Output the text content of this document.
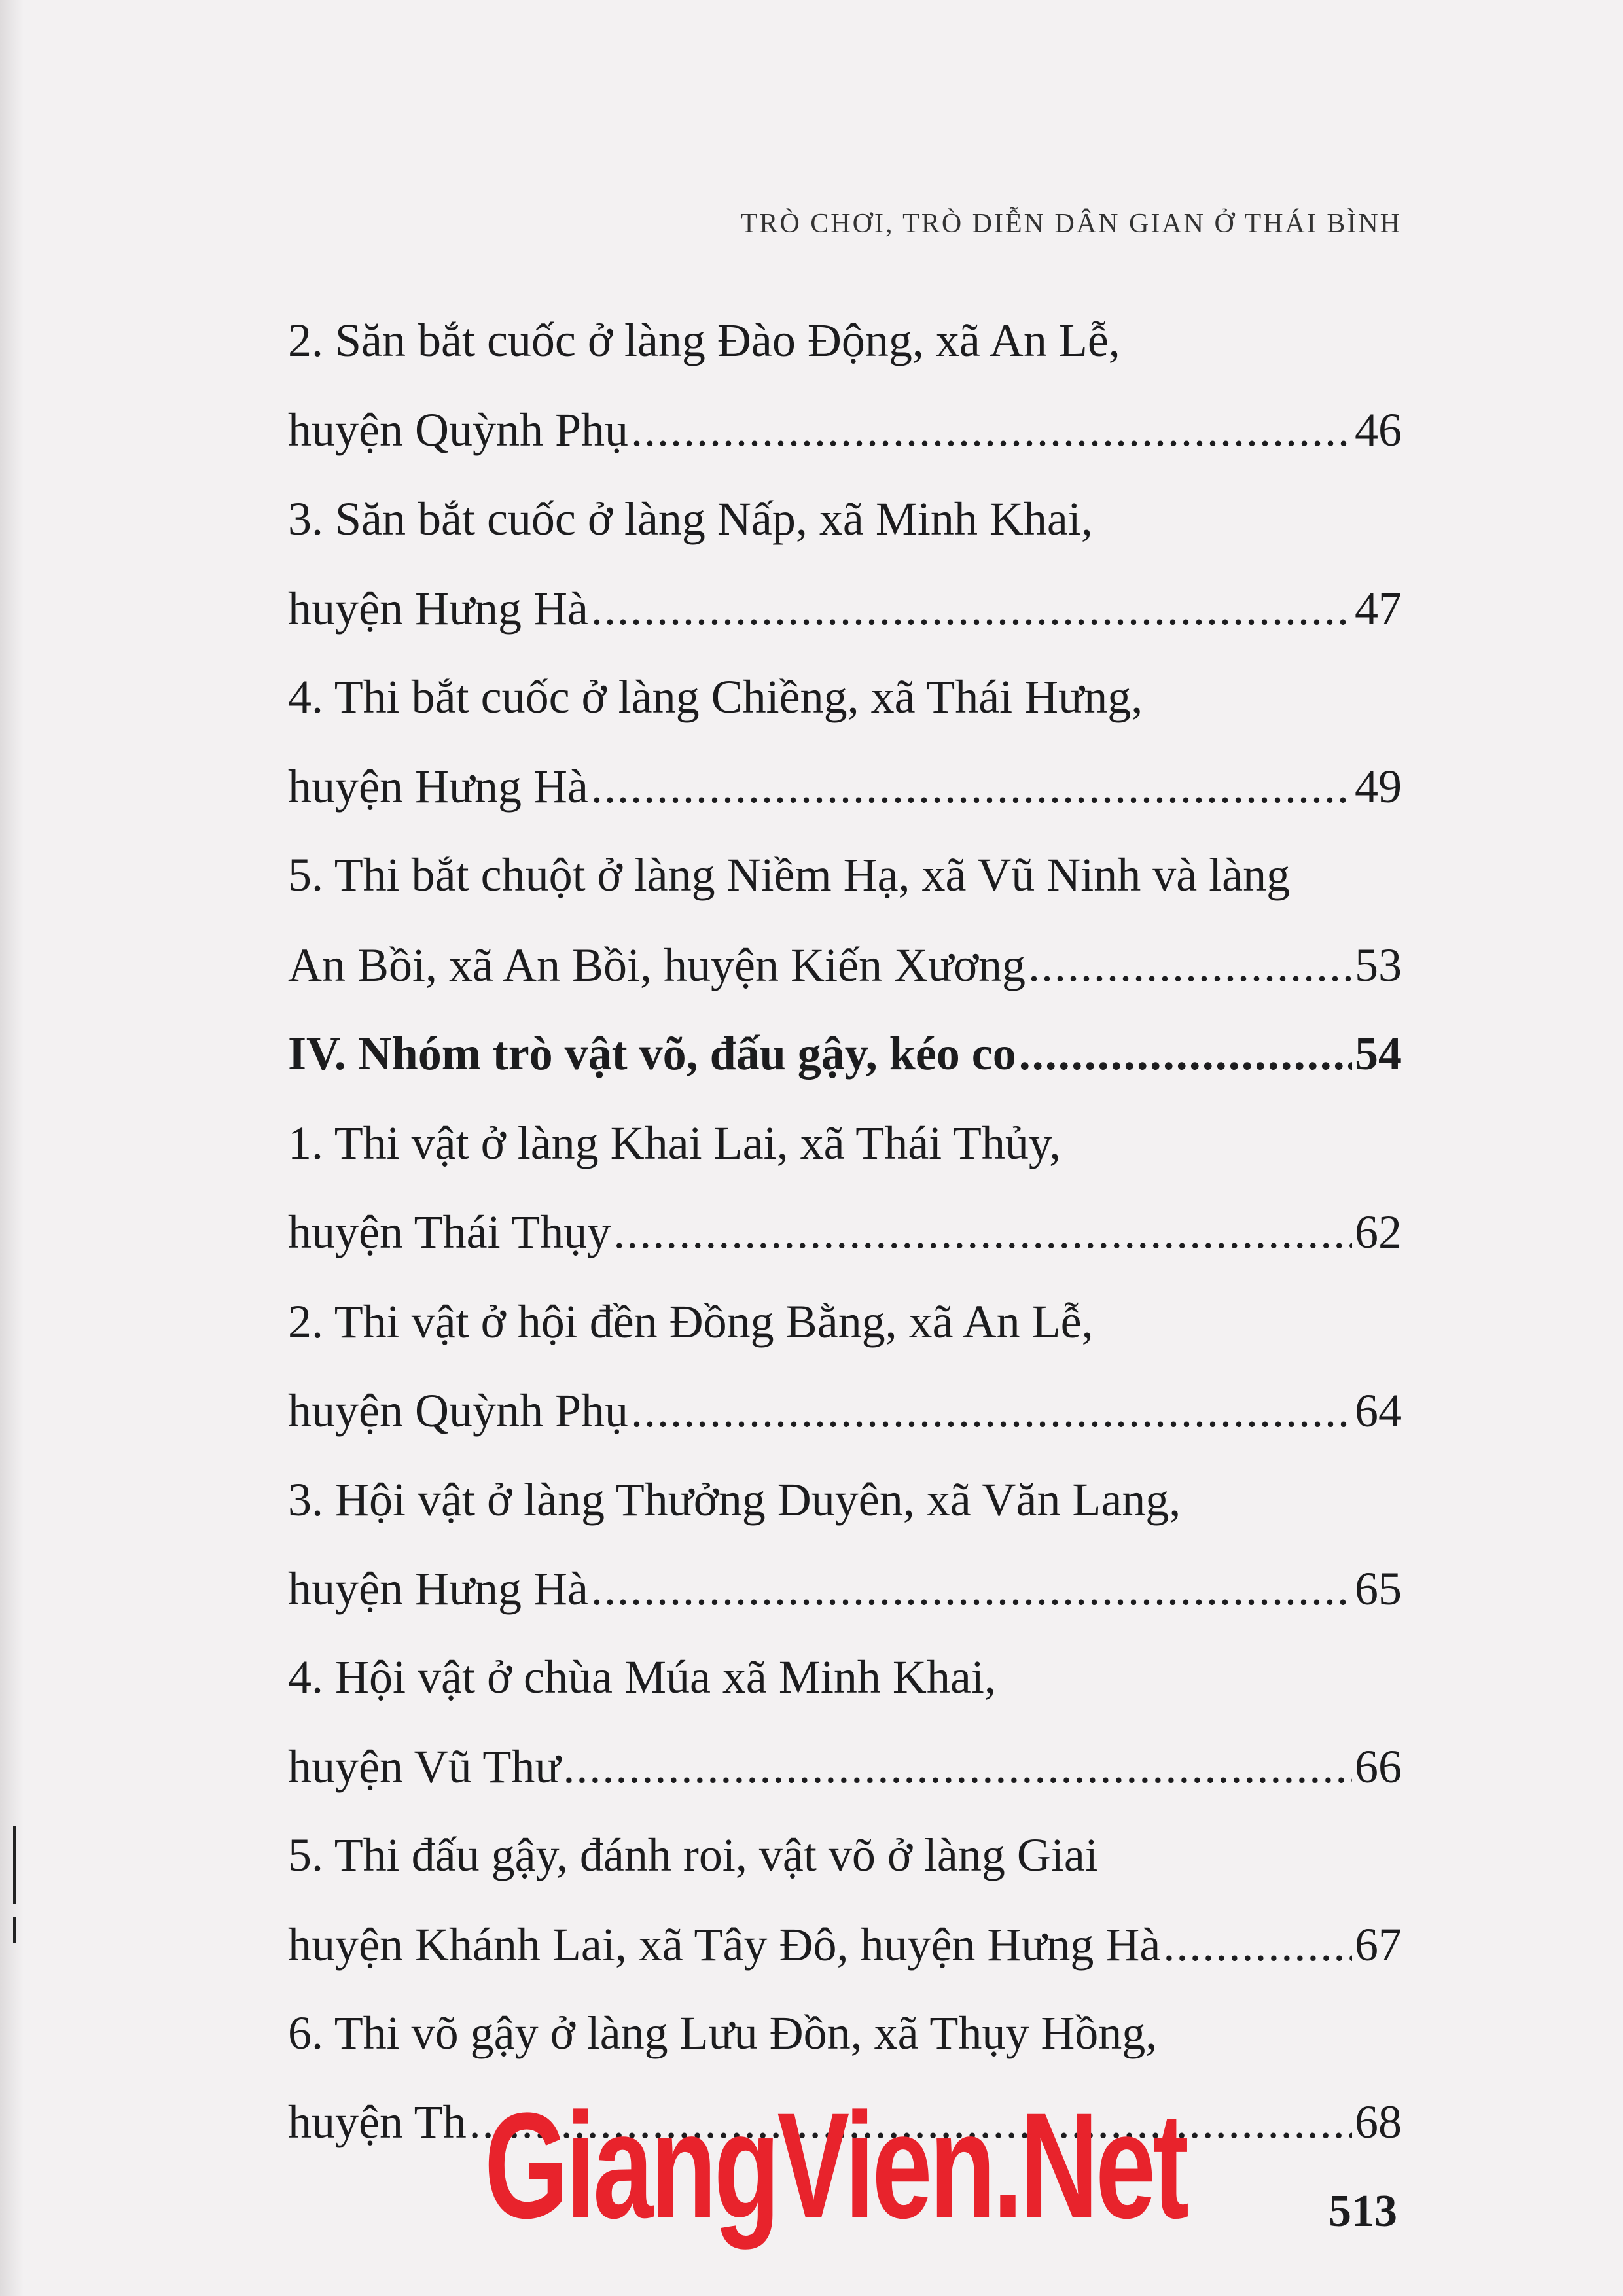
TRÒ CHƠI, TRÒ DIỄN DÂN GIAN Ở THÁI BÌNH
2. Săn bắt cuốc ở làng Đào Động, xã An Lễ,
huyện Quỳnh Phụ .....	46
3. Săn bắt cuốc ở làng Nấp, xã Minh Khai,
huyện Hưng Hà .....	47
4. Thi bắt cuốc ở làng Chiềng, xã Thái Hưng,
huyện Hưng Hà .....	49
5. Thi bắt chuột ở làng Niềm Hạ, xã Vũ Ninh và làng
An Bồi, xã An Bồi, huyện Kiến Xương .....	53
IV. Nhóm trò vật võ, đấu gậy, kéo co .....	54
1. Thi vật ở làng Khai Lai, xã Thái Thủy,
huyện Thái Thụy .....	62
2. Thi vật ở hội đền Đồng Bằng, xã An Lễ,
huyện Quỳnh Phụ .....	64
3. Hội vật ở làng Thưởng Duyên, xã Văn Lang,
huyện Hưng Hà .....	65
4. Hội vật ở chùa Múa xã Minh Khai,
huyện Vũ Thư .....	66
5. Thi đấu gậy, đánh roi, vật võ ở làng Giai
huyện Khánh Lai, xã Tây Đô, huyện Hưng Hà .....	67
6. Thi võ gậy ở làng Lưu Đồn, xã Thụy Hồng,
huyện Th .....	68
GiangVien.Net	513
